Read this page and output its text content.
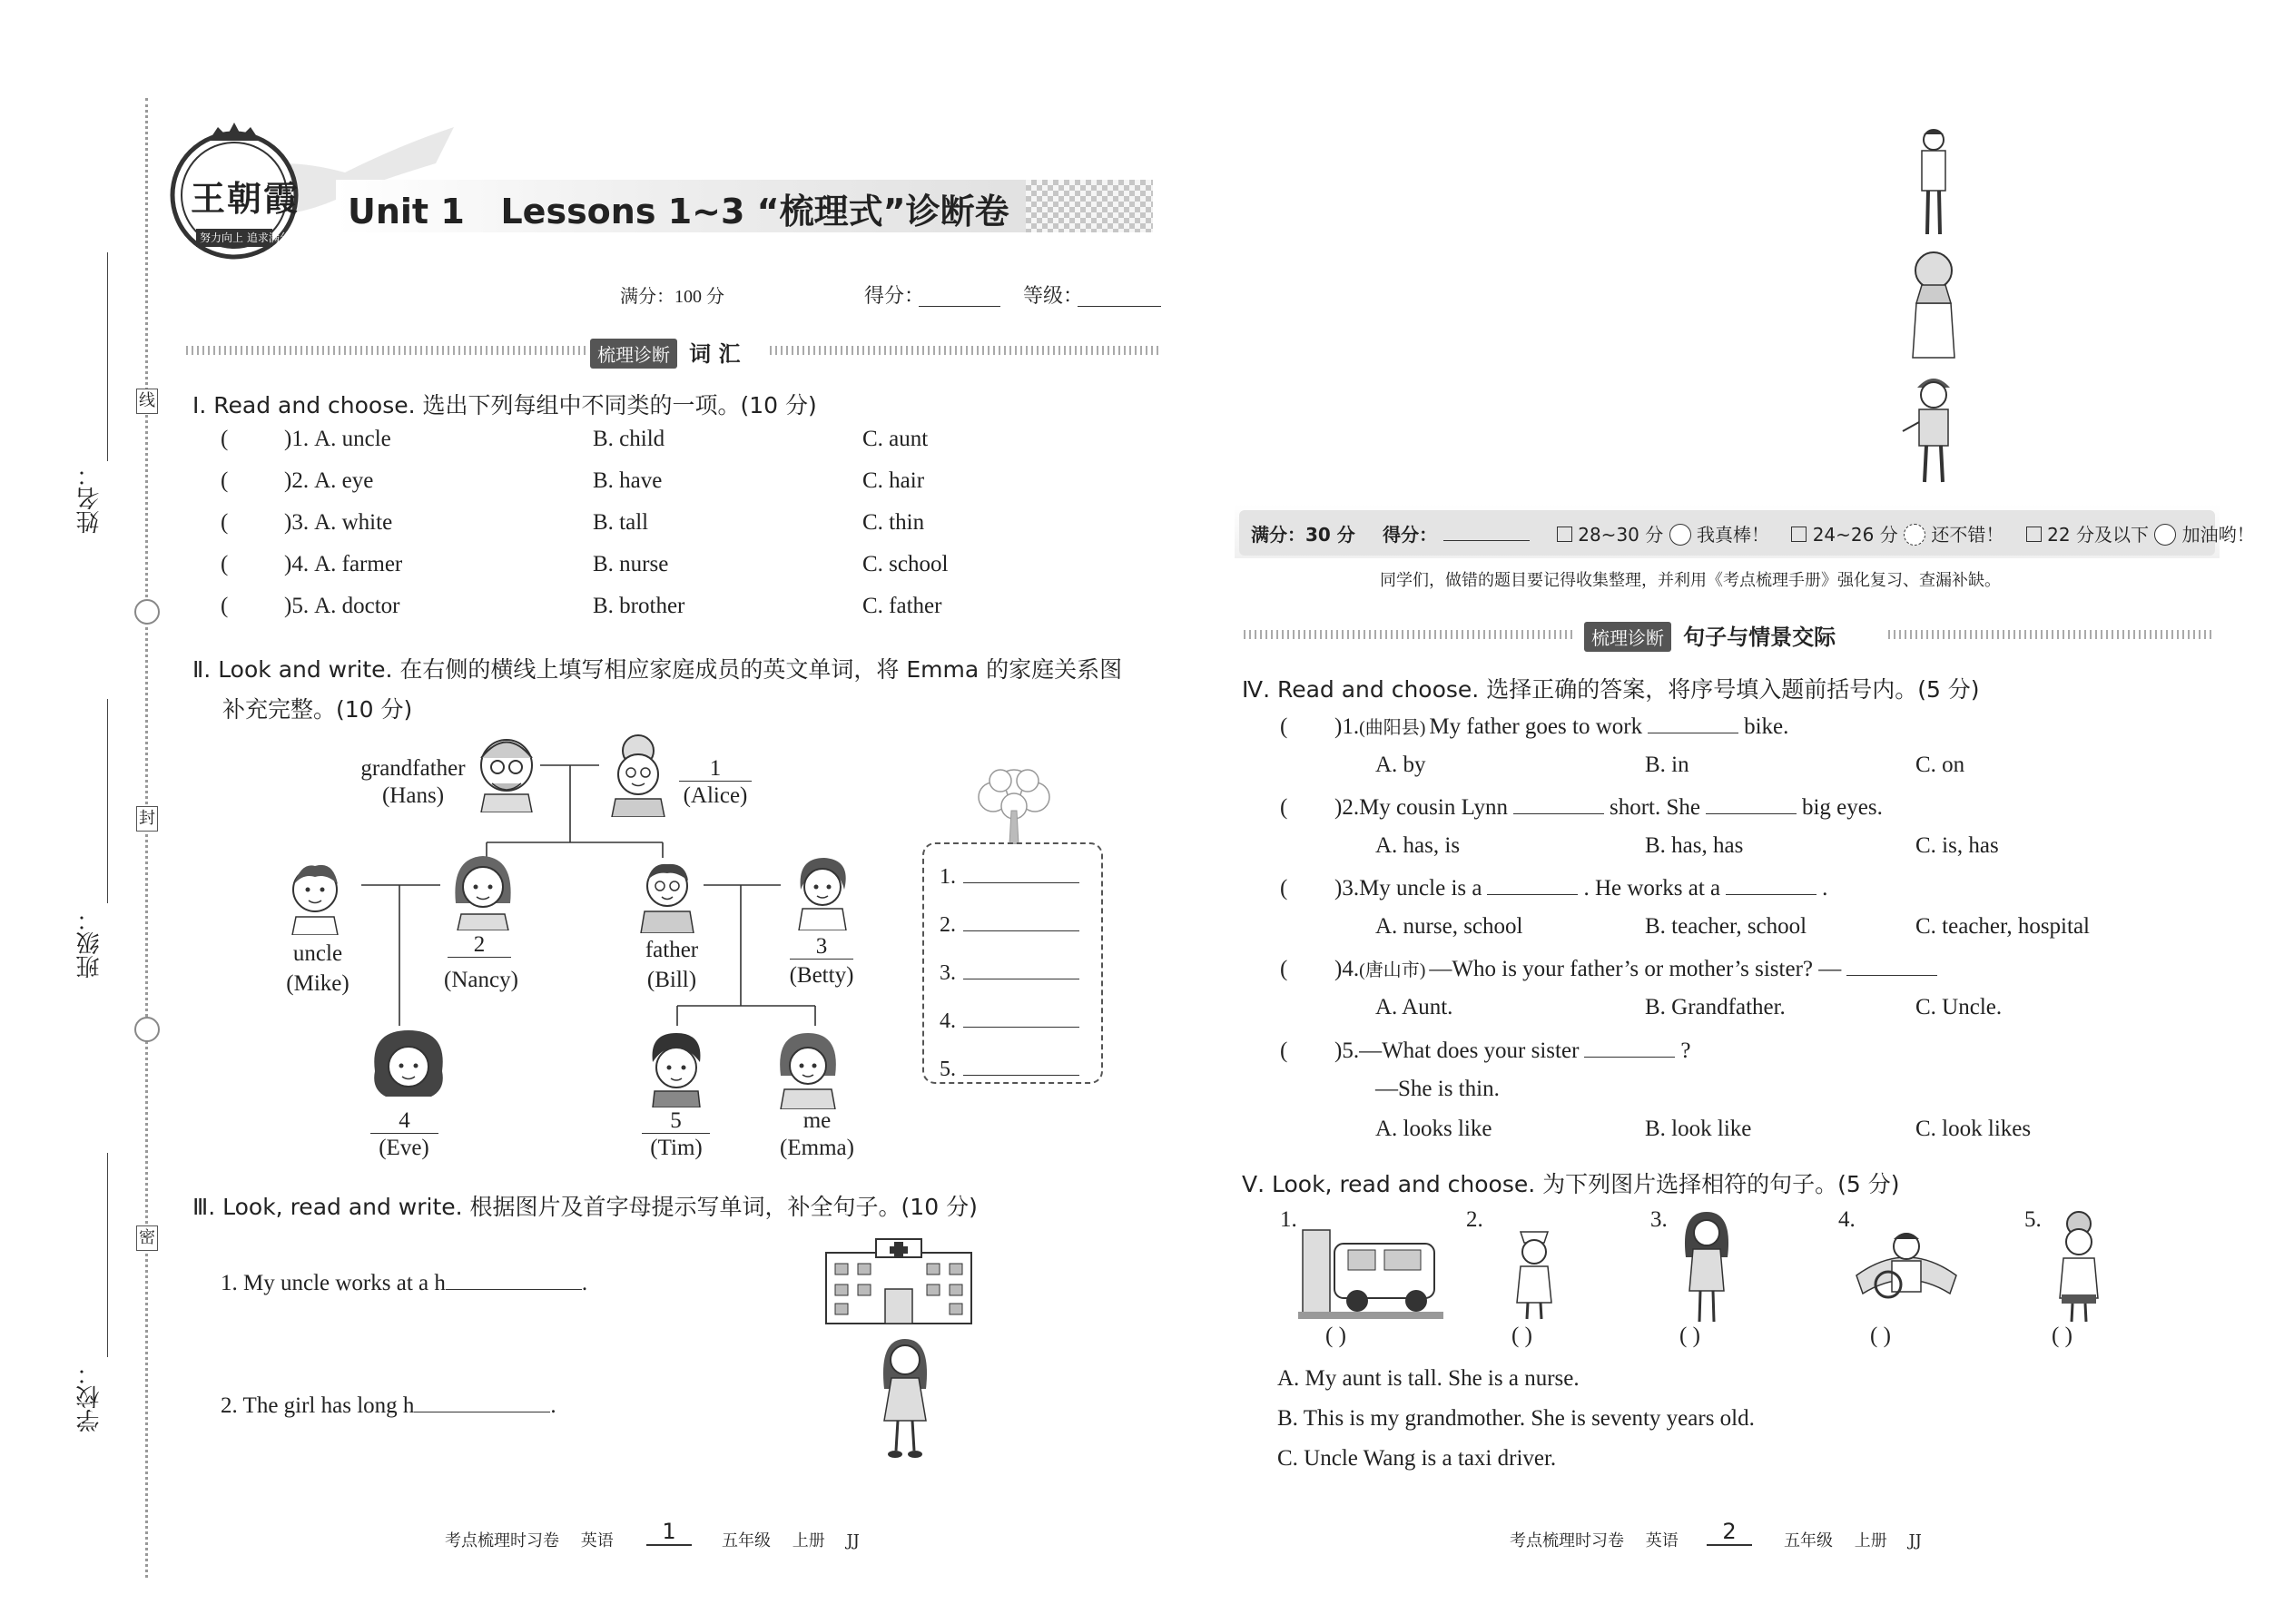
姓名：
班级：
学校：
线
封
密
王朝霞
努力向上 追求满分
Unit 1   Lessons 1~3 “梳理式”诊断卷
满分：100 分	得分：	等级：
梳理诊断 词 汇
Ⅰ. Read and choose. 选出下列每组中不同类的一项。(10 分)
( )1. A. uncle	B. child	C. aunt
( )2. A. eye	B. have	C. hair
( )3. A. white	B. tall	C. thin
( )4. A. farmer	B. nurse	C. school
( )5. A. doctor	B. brother	C. father
Ⅱ. Look and write. 在右侧的横线上填写相应家庭成员的英文单词，将 Emma 的家庭关系图
补充完整。(10 分)
grandfather
(Hans)
1
(Alice)
uncle
(Mike)
2
(Nancy)
father
(Bill)
3
(Betty)
4
(Eve)
5
(Tim)
me
(Emma)
1.
2.
3.
4.
5.
Ⅲ. Look, read and write. 根据图片及首字母提示写单词，补全句子。(10 分)
1. My uncle works at a h	.
2. The girl has long h	.
考点梳理时习卷 英语	1	五年级 上册 JJ
满分：30 分 得分：	28~30 分 我真棒！ 24~26 分 还不错！ 22 分及以下 加油哟！
同学们，做错的题目要记得收集整理，并利用《考点梳理手册》强化复习、查漏补缺。
梳理诊断 句子与情景交际
Ⅳ. Read and choose. 选择正确的答案，将序号填入题前括号内。(5 分)
( )1.(曲阳县) My father goes to work	bike.
A. by	B. in	C. on
( )2.My cousin Lynn	short. She	big eyes.
A. has, is	B. has, has	C. is, has
( )3.My uncle is a	. He works at a	.
A. nurse, school	B. teacher, school	C. teacher, hospital
( )4.(唐山市) —Who is your father’s or mother’s sister? —
A. Aunt.	B. Grandfather.	C. Uncle.
( )5.—What does your sister	?
—She is thin.
A. looks like	B. look like	C. look likes
Ⅴ. Look, read and choose. 为下列图片选择相符的句子。(5 分)
1.
( )
2.
( )
3.
( )
4.
( )
5.
( )
A. My aunt is tall. She is a nurse.
B. This is my grandmother. She is seventy years old.
C. Uncle Wang is a taxi driver.
考点梳理时习卷 英语	2	五年级 上册 JJ
